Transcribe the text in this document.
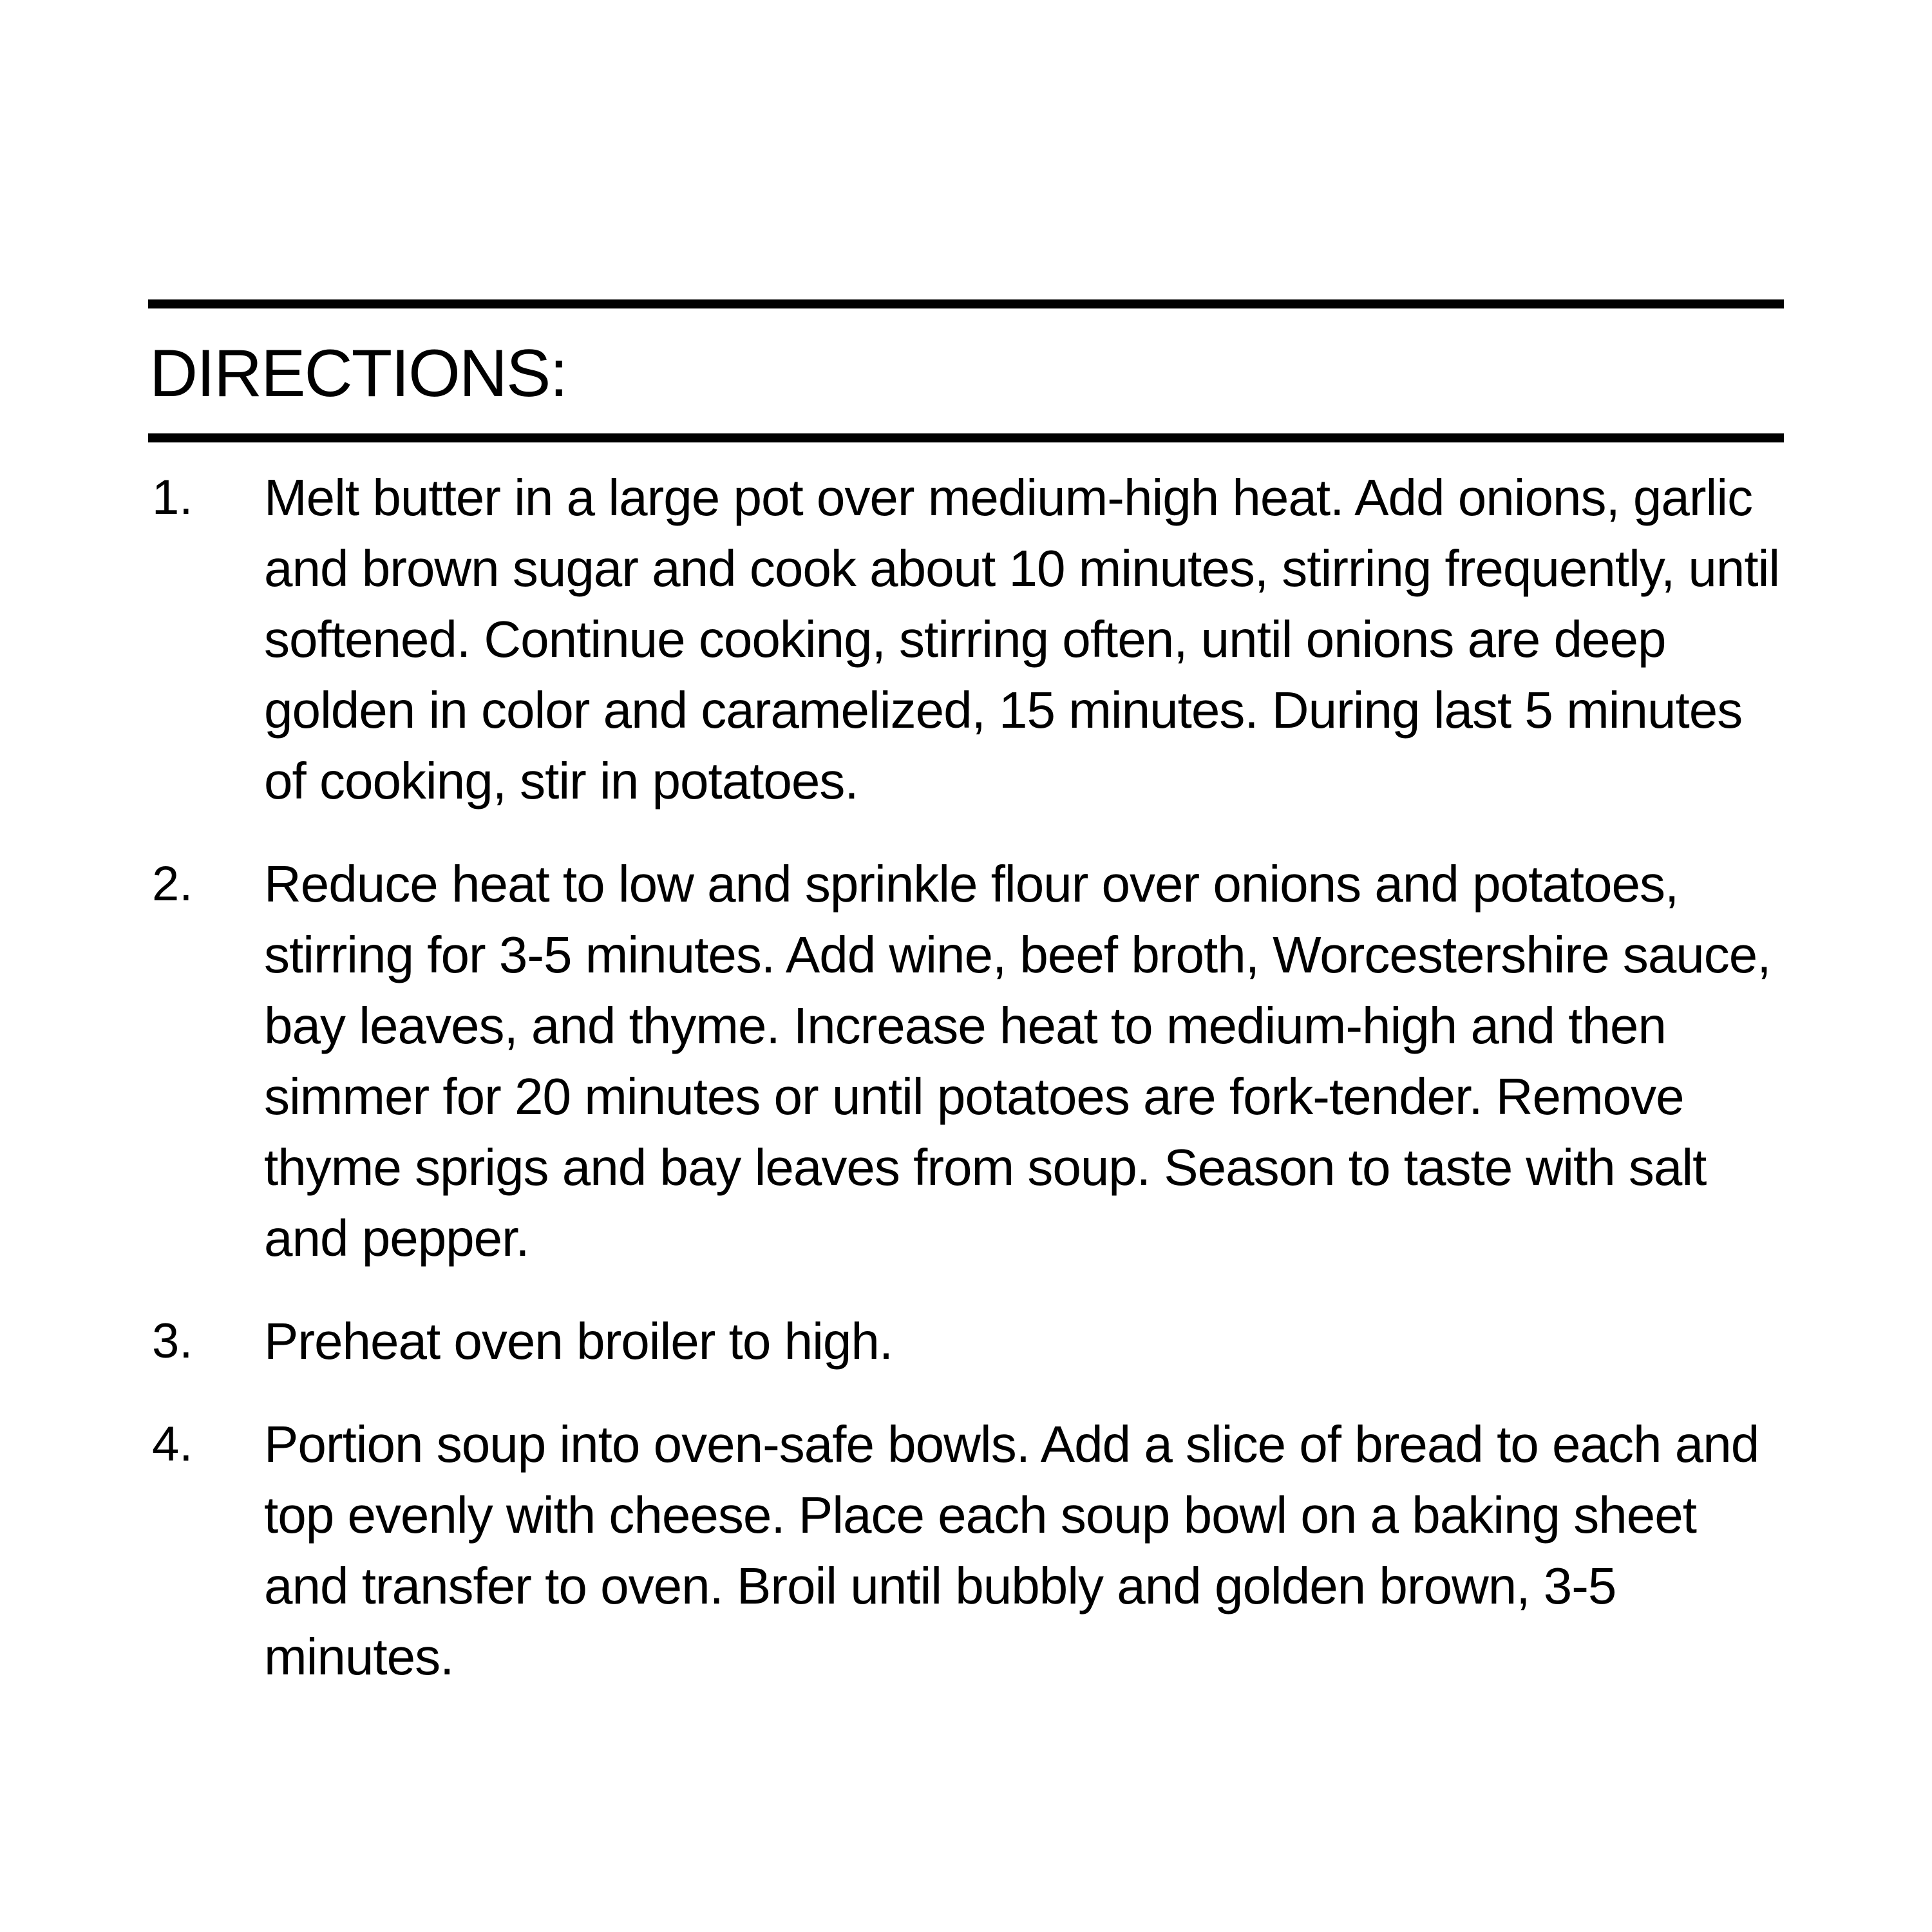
DIRECTIONS:
1. Melt butter in a large pot over medium-high heat. Add onions, garlic and brown sugar and cook about 10 minutes, stirring frequently, until softened. Continue cooking, stirring often, until onions are deep golden in color and caramelized, 15 minutes. During last 5 minutes of cooking, stir in potatoes.
2. Reduce heat to low and sprinkle flour over onions and potatoes, stirring for 3-5 minutes. Add wine, beef broth, Worcestershire sauce, bay leaves, and thyme. Increase heat to medium-high and then simmer for 20 minutes or until potatoes are fork-tender. Remove thyme sprigs and bay leaves from soup. Season to taste with salt and pepper.
3. Preheat oven broiler to high.
4. Portion soup into oven-safe bowls. Add a slice of bread to each and top evenly with cheese. Place each soup bowl on a baking sheet and transfer to oven. Broil until bubbly and golden brown, 3-5 minutes.
